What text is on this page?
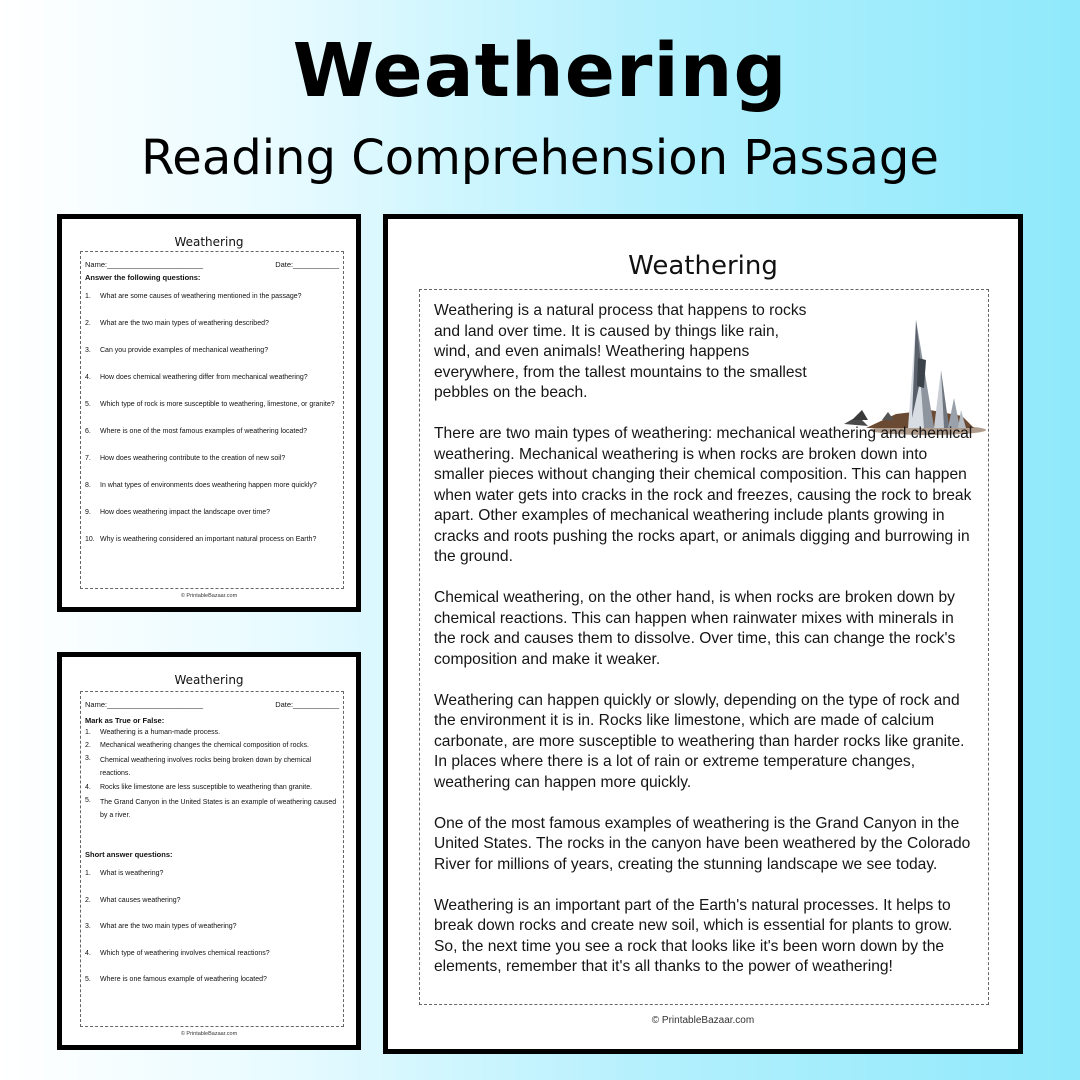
Weathering
Reading Comprehension Passage
Weathering
Name:_______________________	Date:___________
Answer the following questions:
1.	What are some causes of weathering mentioned in the passage?
2.	What are the two main types of weathering described?
3.	Can you provide examples of mechanical weathering?
4.	How does chemical weathering differ from mechanical weathering?
5.	Which type of rock is more susceptible to weathering, limestone, or granite?
6.	Where is one of the most famous examples of weathering located?
7.	How does weathering contribute to the creation of new soil?
8.	In what types of environments does weathering happen more quickly?
9.	How does weathering impact the landscape over time?
10. Why is weathering considered an important natural process on Earth?
© PrintableBazaar.com
Weathering
Name:_______________________	Date:___________
Mark as True or False:
1.	Weathering is a human-made process.
2.	Mechanical weathering changes the chemical composition of rocks.
3.	Chemical weathering involves rocks being broken down by chemical reactions.
4.	Rocks like limestone are less susceptible to weathering than granite.
5.	The Grand Canyon in the United States is an example of weathering caused by a river.
Short answer questions:
1.	What is weathering?
2.	What causes weathering?
3.	What are the two main types of weathering?
4.	Which type of weathering involves chemical reactions?
5.	Where is one famous example of weathering located?
© PrintableBazaar.com
Weathering

Weathering is a natural process that happens to rocks and land over time. It is caused by things like rain, wind, and even animals! Weathering happens everywhere, from the tallest mountains to the smallest pebbles on the beach.

There are two main types of weathering: mechanical weathering and chemical weathering. Mechanical weathering is when rocks are broken down into smaller pieces without changing their chemical composition. This can happen when water gets into cracks in the rock and freezes, causing the rock to break apart. Other examples of mechanical weathering include plants growing in cracks and roots pushing the rocks apart, or animals digging and burrowing in the ground.

Chemical weathering, on the other hand, is when rocks are broken down by chemical reactions. This can happen when rainwater mixes with minerals in the rock and causes them to dissolve. Over time, this can change the rock's composition and make it weaker.

Weathering can happen quickly or slowly, depending on the type of rock and the environment it is in. Rocks like limestone, which are made of calcium carbonate, are more susceptible to weathering than harder rocks like granite. In places where there is a lot of rain or extreme temperature changes, weathering can happen more quickly.

One of the most famous examples of weathering is the Grand Canyon in the United States. The rocks in the canyon have been weathered by the Colorado River for millions of years, creating the stunning landscape we see today.

Weathering is an important part of the Earth's natural processes. It helps to break down rocks and create new soil, which is essential for plants to grow. So, the next time you see a rock that looks like it's been worn down by the elements, remember that it's all thanks to the power of weathering!

© PrintableBazaar.com
